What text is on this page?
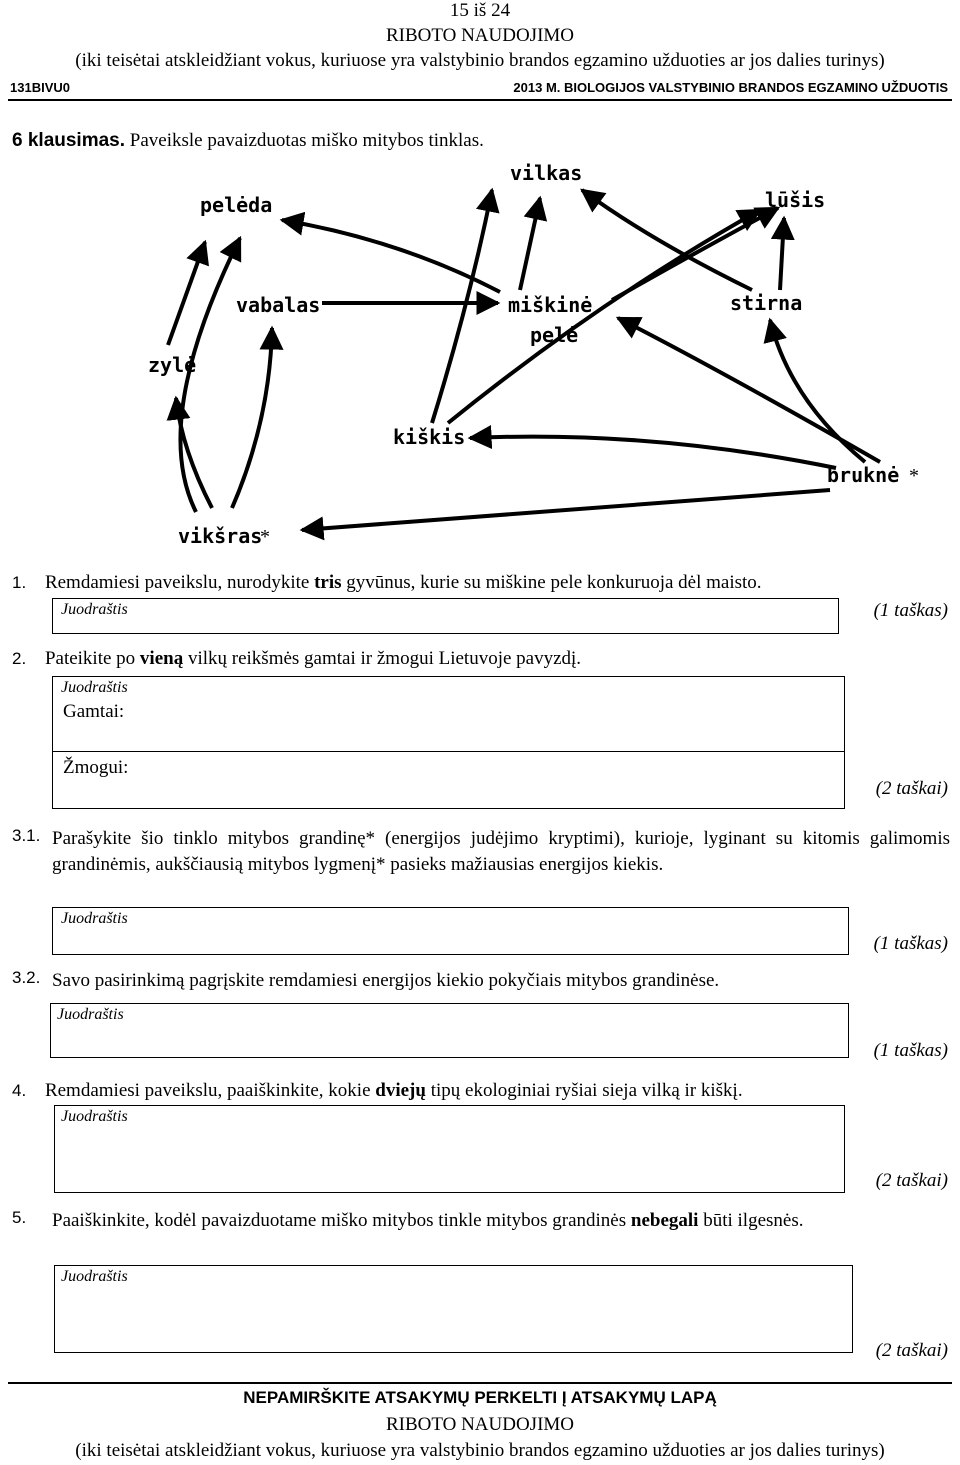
15 iš 24
RIBOTO NAUDOJIMO
(iki teisėtai atskleidžiant vokus, kuriuose yra valstybinio brandos egzamino užduoties ar jos dalies turinys)
131BIVU0	2013 M. BIOLOGIJOS VALSTYBINIO BRANDOS EGZAMINO UŽDUOTIS
6 klausimas. Paveiksle pavaizduotas miško mitybos tinklas.
pelėda
vilkas
lūšis
vabalas	miškinė
pelė
stirna
zylė
kiškis
bruknė *
vikšras
*
1. Remdamiesi paveikslu, nurodykite tris gyvūnus, kurie su miškine pele konkuruoja dėl maisto.
Juodraštis	(1 taškas)
2. Pateikite po vieną vilkų reikšmės gamtai ir žmogui Lietuvoje pavyzdį.
Juodraštis
Gamtai:
Žmogui:
(2 taškai)
3.1. Parašykite šio tinklo mitybos grandinę* (energijos judėjimo kryptimi), kurioje, lyginant su kitomis galimomis grandinėmis, aukščiausią mitybos lygmenį* pasieks mažiausias energijos kiekis.
Juodraštis
(1 taškas)
3.2. Savo pasirinkimą pagrįskite remdamiesi energijos kiekio pokyčiais mitybos grandinėse.
Juodraštis
(1 taškas)
4. Remdamiesi paveikslu, paaiškinkite, kokie dviejų tipų ekologiniai ryšiai sieja vilką ir kiškį.
Juodraštis
(2 taškai)
5. Paaiškinkite, kodėl pavaizduotame miško mitybos tinkle mitybos grandinės nebegali būti ilgesnės.
Juodraštis
(2 taškai)
NEPAMIRŠKITE ATSAKYMŲ PERKELTI Į ATSAKYMŲ LAPĄ
RIBOTO NAUDOJIMO
(iki teisėtai atskleidžiant vokus, kuriuose yra valstybinio brandos egzamino užduoties ar jos dalies turinys)
